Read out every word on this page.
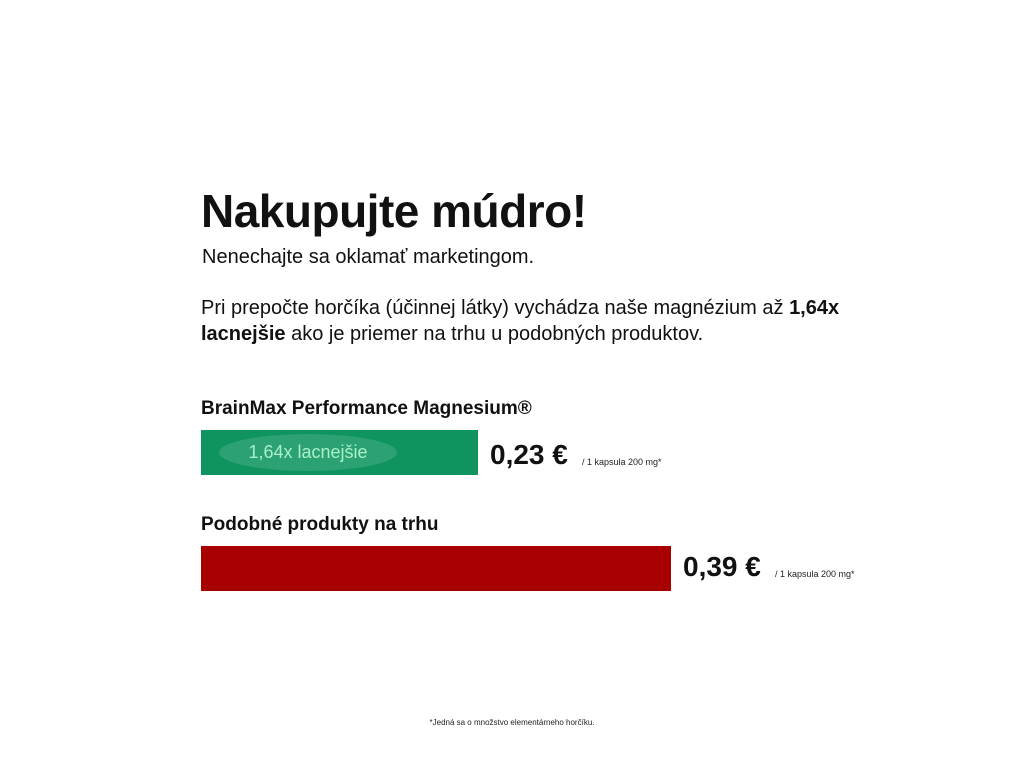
Nakupujte múdro!

Nenechajte sa oklamať marketingom.

Pri prepočte horčíka (účinnej látky) vychádza naše magnézium až 1,64x lacnejšie ako je priemer na trhu u podobných produktov.

BrainMax Performance Magnesium®
1,64x lacnejšie	0,23 € / 1 kapsula 200 mg*
Podobné produkty na trhu
0,39 € / 1 kapsula 200 mg*
*Jedná sa o množstvo elementárneho horčíku.
